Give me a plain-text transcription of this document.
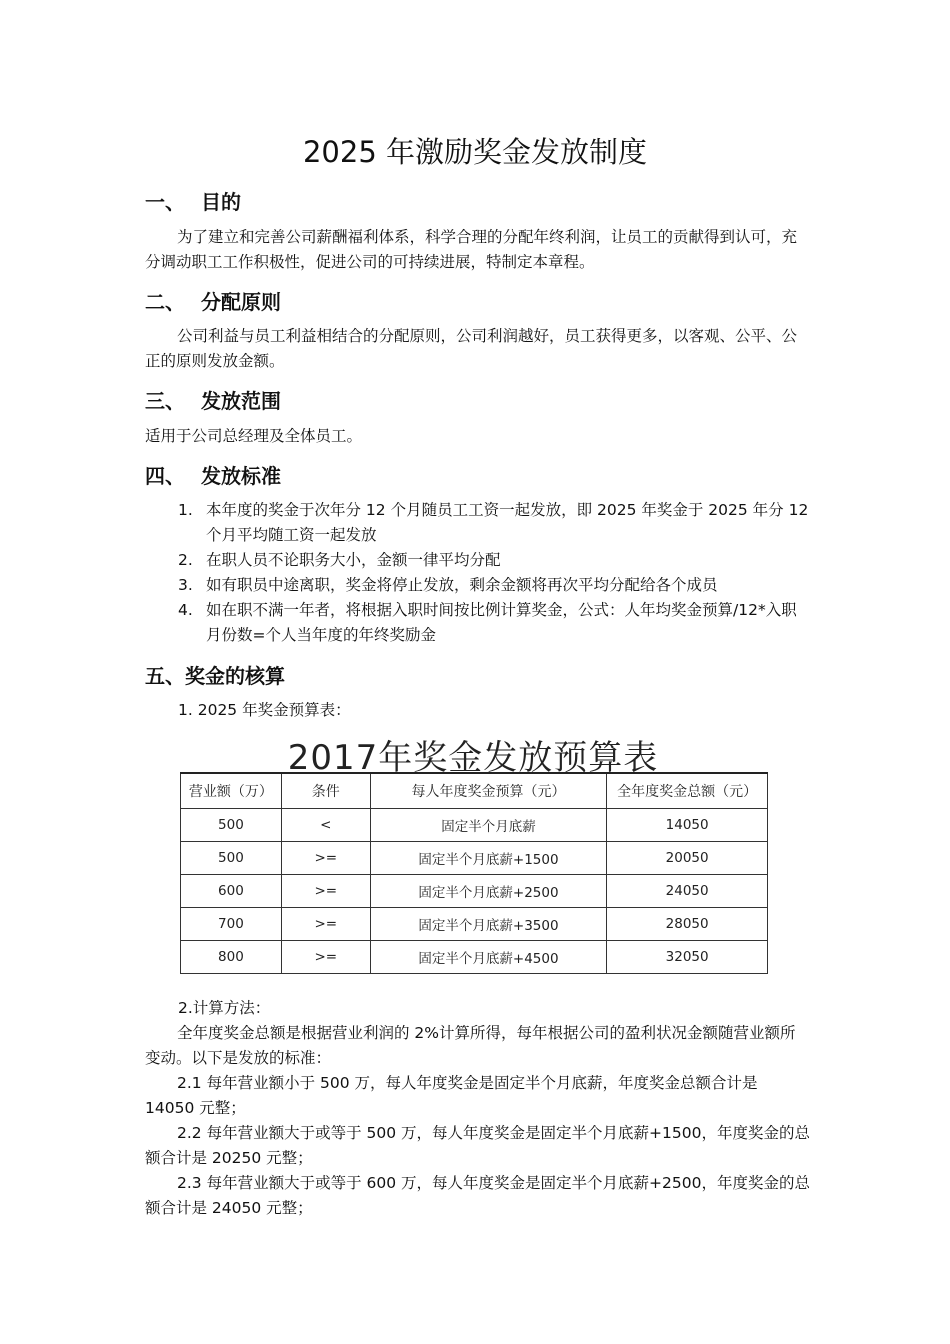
2025 年激励奖金发放制度
一、 目的
为了建立和完善公司薪酬福利体系，科学合理的分配年终利润，让员工的贡献得到认可，充分调动职工工作积极性，促进公司的可持续进展，特制定本章程。
二、 分配原则
公司利益与员工利益相结合的分配原则，公司利润越好，员工获得更多，以客观、公平、公正的原则发放金额。
三、 发放范围
适用于公司总经理及全体员工。
四、 发放标准
1. 本年度的奖金于次年分 12 个月随员工工资一起发放，即 2025 年奖金于 2025 年分 12 个月平均随工资一起发放
2. 在职人员不论职务大小，金额一律平均分配
3. 如有职员中途离职，奖金将停止发放，剩余金额将再次平均分配给各个成员
4. 如在职不满一年者，将根据入职时间按比例计算奖金，公式：人年均奖金预算/12*入职月份数=个人当年度的年终奖励金
五、奖金的核算
1. 2025 年奖金预算表：
2017年奖金发放预算表
营业额（万）	条件	每人年度奖金预算（元）	全年度奖金总额（元）
500	<	固定半个月底薪	14050
500	>=	固定半个月底薪+1500	20050
600	>=	固定半个月底薪+2500	24050
700	>=	固定半个月底薪+3500	28050
800	>=	固定半个月底薪+4500	32050
2.计算方法：
全年度奖金总额是根据营业利润的 2%计算所得，每年根据公司的盈利状况金额随营业额所变动。以下是发放的标准：
2.1 每年营业额小于 500 万，每人年度奖金是固定半个月底薪，年度奖金总额合计是 14050 元整；
2.2 每年营业额大于或等于 500 万，每人年度奖金是固定半个月底薪+1500，年度奖金的总额合计是 20250 元整；
2.3 每年营业额大于或等于 600 万，每人年度奖金是固定半个月底薪+2500，年度奖金的总额合计是 24050 元整；
